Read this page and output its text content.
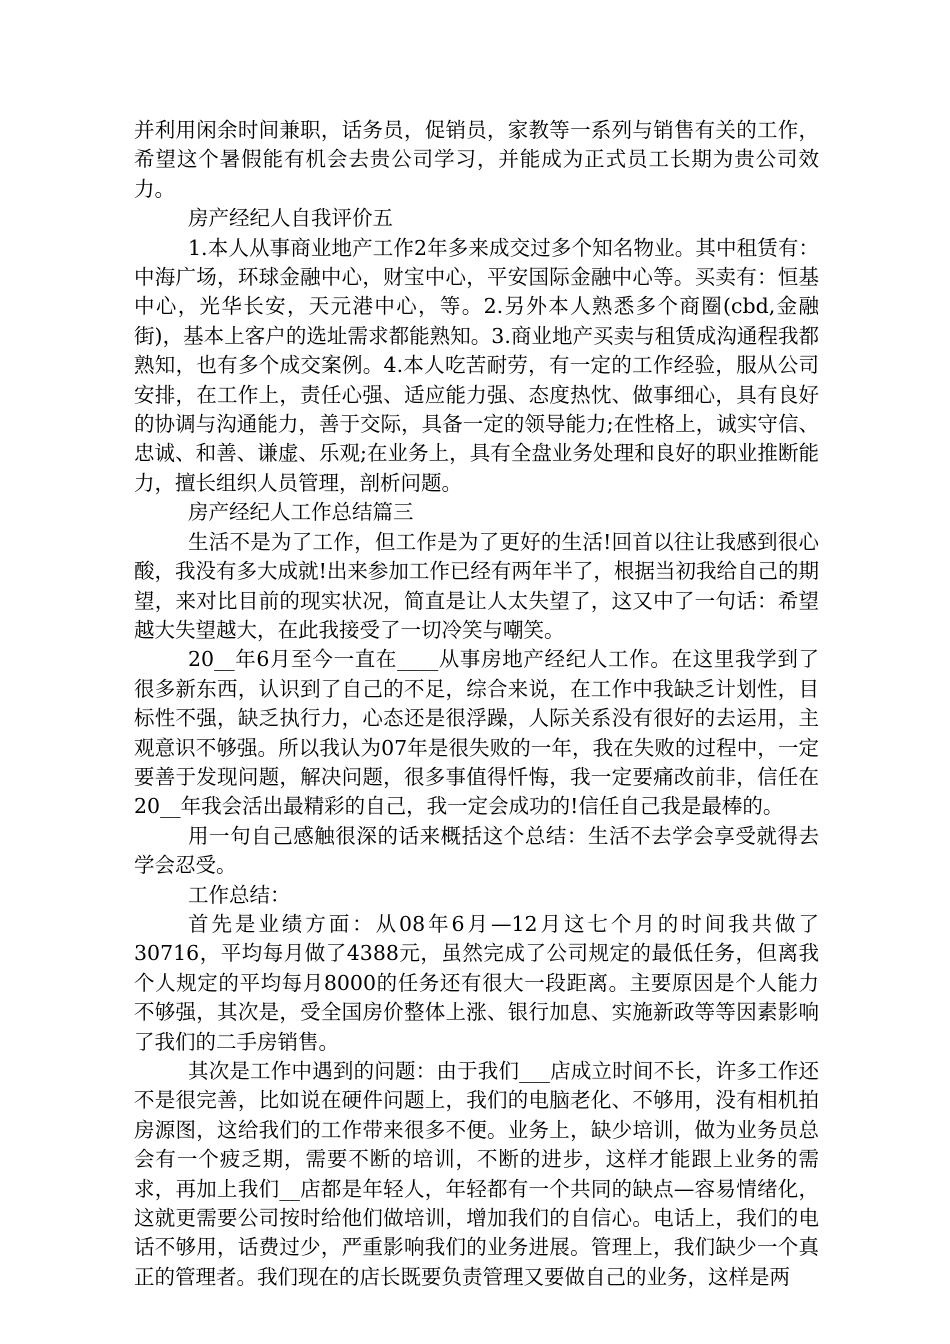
并利用闲余时间兼职，话务员，促销员，家教等一系列与销售有关的工作，希望这个暑假能有机会去贵公司学习，并能成为正式员工长期为贵公司效力。

房产经纪人自我评价五

1.本人从事商业地产工作2年多来成交过多个知名物业。其中租赁有：中海广场，环球金融中心，财宝中心，平安国际金融中心等。买卖有：恒基中心，光华长安，天元港中心，等。2.另外本人熟悉多个商圈(cbd,金融街)，基本上客户的选址需求都能熟知。3.商业地产买卖与租赁成沟通程我都熟知，也有多个成交案例。4.本人吃苦耐劳，有一定的工作经验，服从公司安排，在工作上，责任心强、适应能力强、态度热忱、做事细心，具有良好的协调与沟通能力，善于交际，具备一定的领导能力;在性格上，诚实守信、忠诚、和善、谦虚、乐观;在业务上，具有全盘业务处理和良好的职业推断能力，擅长组织人员管理，剖析问题。

房产经纪人工作总结篇三

生活不是为了工作，但工作是为了更好的生活!回首以往让我感到很心酸，我没有多大成就!出来参加工作已经有两年半了，根据当初我给自己的期望，来对比目前的现实状况，简直是让人太失望了，这又中了一句话：希望越大失望越大，在此我接受了一切冷笑与嘲笑。

20__年6月至今一直在____从事房地产经纪人工作。在这里我学到了很多新东西，认识到了自己的不足，综合来说，在工作中我缺乏计划性，目标性不强，缺乏执行力，心态还是很浮躁，人际关系没有很好的去运用，主观意识不够强。所以我认为07年是很失败的一年，我在失败的过程中，一定要善于发现问题，解决问题，很多事值得忏悔，我一定要痛改前非，信任在20__年我会活出最精彩的自己，我一定会成功的!信任自己我是最棒的。

用一句自己感触很深的话来概括这个总结：生活不去学会享受就得去学会忍受。

工作总结：

首先是业绩方面：从08年6月—12月这七个月的时间我共做了30716，平均每月做了4388元，虽然完成了公司规定的最低任务，但离我个人规定的平均每月8000的任务还有很大一段距离。主要原因是个人能力不够强，其次是，受全国房价整体上涨、银行加息、实施新政等等因素影响了我们的二手房销售。

其次是工作中遇到的问题：由于我们___店成立时间不长，许多工作还不是很完善，比如说在硬件问题上，我们的电脑老化、不够用，没有相机拍房源图，这给我们的工作带来很多不便。业务上，缺少培训，做为业务员总会有一个疲乏期，需要不断的培训，不断的进步，这样才能跟上业务的需求，再加上我们__店都是年轻人，年轻都有一个共同的缺点—容易情绪化，这就更需要公司按时给他们做培训，增加我们的自信心。电话上，我们的电话不够用，话费过少，严重影响我们的业务进展。管理上，我们缺少一个真正的管理者。我们现在的店长既要负责管理又要做自己的业务，这样是两
